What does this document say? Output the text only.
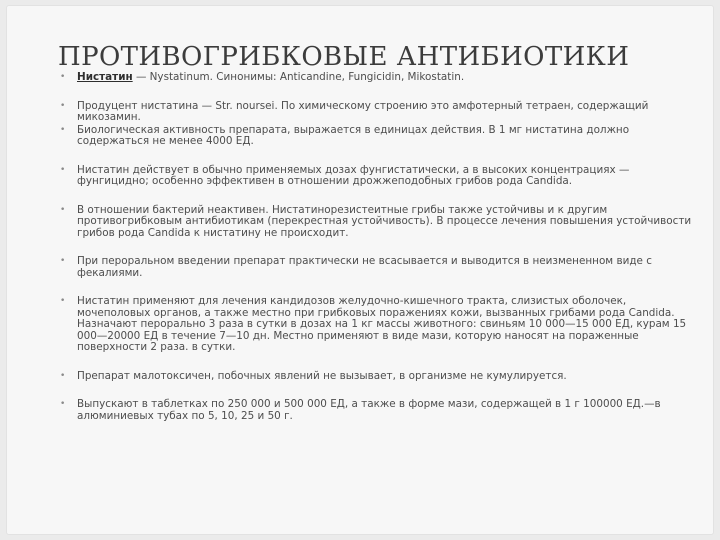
ПРОТИВОГРИБКОВЫЕ АНТИБИОТИКИ
• Нистатин — Nystatinum. Синонимы: Anticandine, Fungicidin, Mikostatin.
• Продуцент нистатина — Str. noursei. По химическому строению это амфотерный тетраен, содержащий микозамин.
• Биологическая активность препарата, выражается в единицах действия. В 1 мг нистатина должно содержаться не менее 4000 ЕД.
• Нистатин действует в обычно применяемых дозах фунгистатически, а в высоких концентрациях — фунгицидно; особенно эффективен в отношении дрожжеподобных грибов рода Candida.
• В отношении бактерий неактивен. Нистатинорезистеитные грибы также устойчивы и к другим противогрибковым антибиотикам (перекрестная устойчивость). В процессе лечения повышения устойчивости грибов рода Candida к нистатину не происходит.
• При пероральном введении препарат практически не всасывается и выводится в неизмененном виде с фекалиями.
• Нистатин применяют для лечения кандидозов желудочно-кишечного тракта, слизистых оболочек, мочеполовых органов, а также местно при грибковых поражениях кожи, вызванных грибами рода Candida. Назначают перорально 3 раза в сутки в дозах на 1 кг массы животного: свиньям 10 000—15 000 ЕД, курам 15 000—20000 ЕД в течение 7—10 дн. Местно применяют в виде мази, которую наносят на пораженные поверхности 2 раза. в сутки.
• Препарат малотоксичен, побочных явлений не вызывает, в организме не кумулируется.
• Выпускают в таблетках по 250 000 и 500 000 ЕД, а также в форме мази, содержащей в 1 г 100000 ЕД.—в алюминиевых тубах по 5, 10, 25 и 50 г.
